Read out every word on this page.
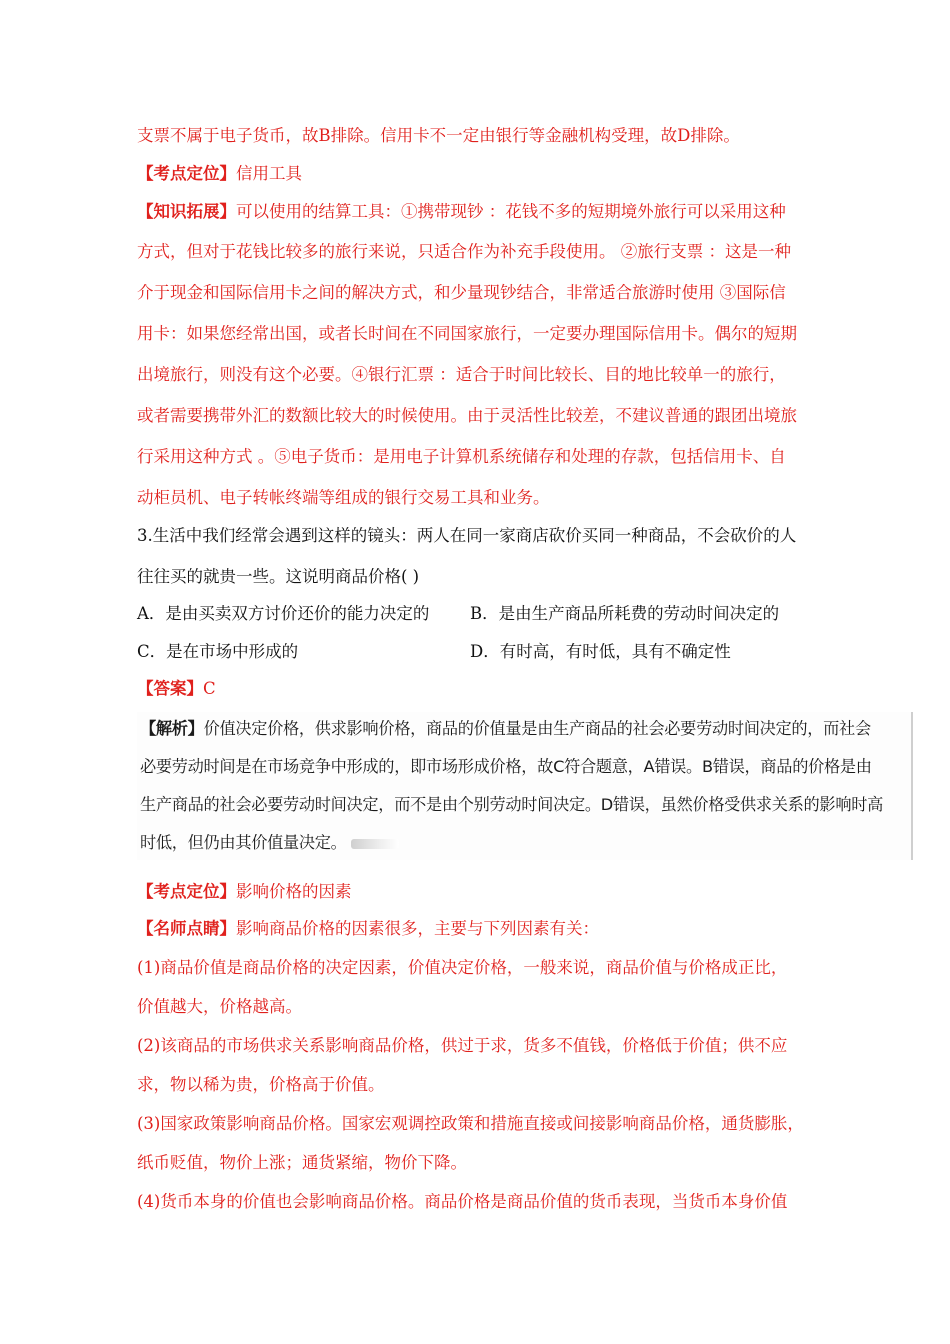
支票不属于电子货币，故B排除。信用卡不一定由银行等金融机构受理，故D排除。
【考点定位】信用工具
【知识拓展】可以使用的结算工具：①携带现钞 ：花钱不多的短期境外旅行可以采用这种
方式，但对于花钱比较多的旅行来说，只适合作为补充手段使用。 ②旅行支票 ：这是一种
介于现金和国际信用卡之间的解决方式，和少量现钞结合，非常适合旅游时使用 ③国际信
用卡：如果您经常出国，或者长时间在不同国家旅行，一定要办理国际信用卡。偶尔的短期
出境旅行，则没有这个必要。④银行汇票 ：适合于时间比较长、目的地比较单一的旅行，
或者需要携带外汇的数额比较大的时候使用。由于灵活性比较差，不建议普通的跟团出境旅
行采用这种方式 。⑤电子货币：是用电子计算机系统储存和处理的存款，包括信用卡、自
动柜员机、电子转帐终端等组成的银行交易工具和业务。
3.生活中我们经常会遇到这样的镜头：两人在同一家商店砍价买同一种商品，不会砍价的人
往往买的就贵一些。这说明商品价格( )
A．是由买卖双方讨价还价的能力决定的 B．是由生产商品所耗费的劳动时间决定的
C．是在市场中形成的	D．有时高，有时低，具有不确定性
【答案】C
【解析】价值决定价格，供求影响价格，商品的价值量是由生产商品的社会必要劳动时间决定的，而社会
必要劳动时间是在市场竞争中形成的，即市场形成价格，故C符合题意，A错误。B错误，商品的价格是由
生产商品的社会必要劳动时间决定，而不是由个别劳动时间决定。D错误，虽然价格受供求关系的影响时高
时低，但仍由其价值量决定。
【考点定位】影响价格的因素
【名师点睛】影响商品价格的因素很多，主要与下列因素有关：
(1)商品价值是商品价格的决定因素，价值决定价格，一般来说，商品价值与价格成正比，
价值越大，价格越高。
(2)该商品的市场供求关系影响商品价格，供过于求，货多不值钱，价格低于价值；供不应
求，物以稀为贵，价格高于价值。
(3)国家政策影响商品价格。国家宏观调控政策和措施直接或间接影响商品价格，通货膨胀，
纸币贬值，物价上涨；通货紧缩，物价下降。
(4)货币本身的价值也会影响商品价格。商品价格是商品价值的货币表现，当货币本身价值
